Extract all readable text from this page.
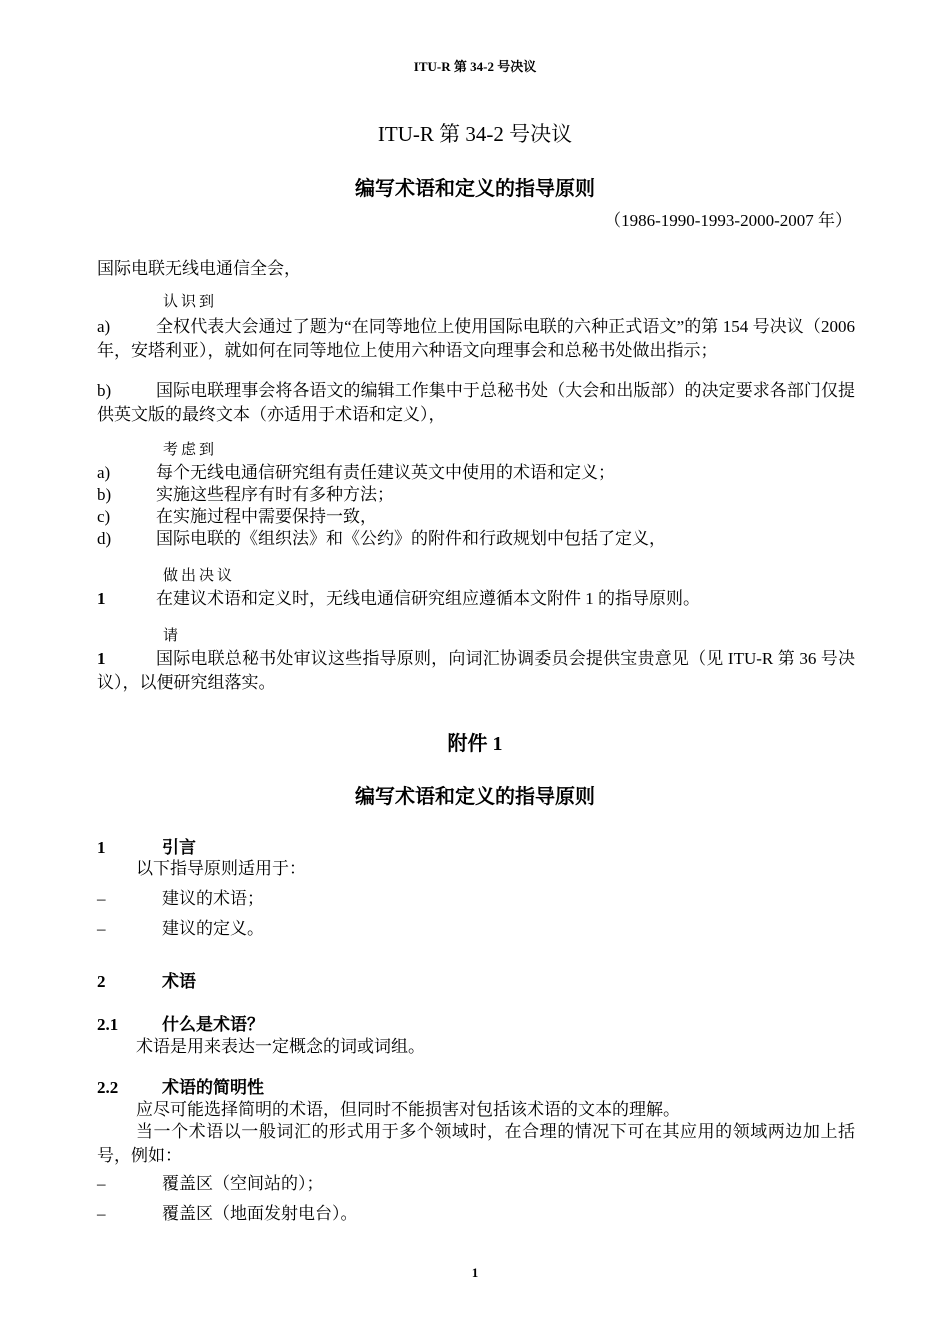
ITU-R 第 34-2 号决议
ITU-R 第 34-2 号决议
编写术语和定义的指导原则
（1986-1990-1993-2000-2007 年）
国际电联无线电通信全会，
认识到
a)	全权代表大会通过了题为“在同等地位上使用国际电联的六种正式语文”的第 154 号决议（2006 年，安塔利亚），就如何在同等地位上使用六种语文向理事会和总秘书处做出指示；
b)	国际电联理事会将各语文的编辑工作集中于总秘书处（大会和出版部）的决定要求各部门仅提供英文版的最终文本（亦适用于术语和定义），
考虑到
a)	每个无线电通信研究组有责任建议英文中使用的术语和定义；
b)	实施这些程序有时有多种方法；
c)	在实施过程中需要保持一致，
d)	国际电联的《组织法》和《公约》的附件和行政规划中包括了定义，
做出决议
1	在建议术语和定义时，无线电通信研究组应遵循本文附件 1 的指导原则。
请
1	国际电联总秘书处审议这些指导原则，向词汇协调委员会提供宝贵意见（见 ITU-R 第 36 号决议），以便研究组落实。
附件 1
编写术语和定义的指导原则
1	引言
以下指导原则适用于：
–	建议的术语；
–	建议的定义。
2	术语
2.1	什么是术语？
术语是用来表达一定概念的词或词组。
2.2	术语的简明性
应尽可能选择简明的术语，但同时不能损害对包括该术语的文本的理解。
当一个术语以一般词汇的形式用于多个领域时，在合理的情况下可在其应用的领域两边加上括号，例如：
–	覆盖区（空间站的）；
–	覆盖区（地面发射电台）。
1
